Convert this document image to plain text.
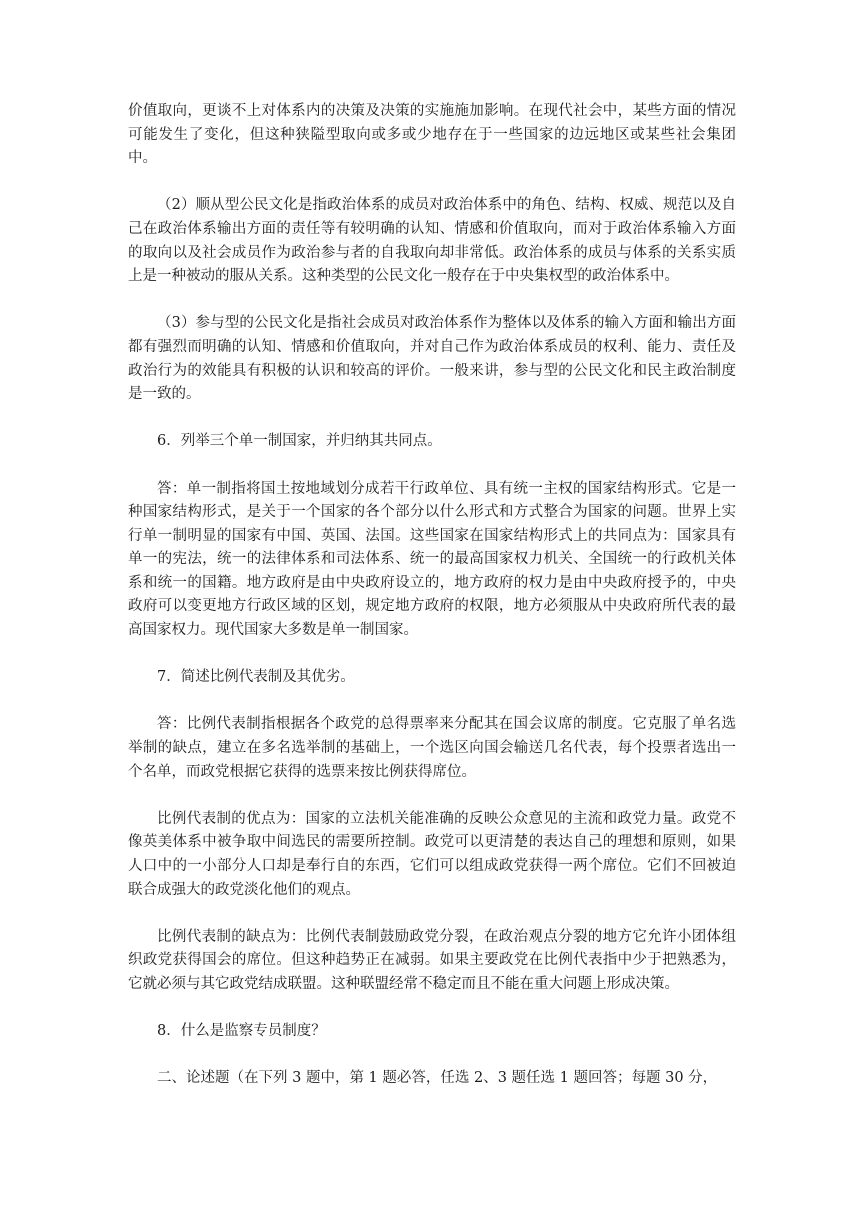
价值取向，更谈不上对体系内的决策及决策的实施施加影响。在现代社会中，某些方面的情况可能发生了变化，但这种狭隘型取向或多或少地存在于一些国家的边远地区或某些社会集团中。

（2）顺从型公民文化是指政治体系的成员对政治体系中的角色、结构、权威、规范以及自己在政治体系输出方面的责任等有较明确的认知、情感和价值取向，而对于政治体系输入方面的取向以及社会成员作为政治参与者的自我取向却非常低。政治体系的成员与体系的关系实质上是一种被动的服从关系。这种类型的公民文化一般存在于中央集权型的政治体系中。

（3）参与型的公民文化是指社会成员对政治体系作为整体以及体系的输入方面和输出方面都有强烈而明确的认知、情感和价值取向，并对自己作为政治体系成员的权利、能力、责任及政治行为的效能具有积极的认识和较高的评价。一般来讲，参与型的公民文化和民主政治制度是一致的。

6．列举三个单一制国家，并归纳其共同点。

答：单一制指将国土按地域划分成若干行政单位、具有统一主权的国家结构形式。它是一种国家结构形式，是关于一个国家的各个部分以什么形式和方式整合为国家的问题。世界上实行单一制明显的国家有中国、英国、法国。这些国家在国家结构形式上的共同点为：国家具有单一的宪法，统一的法律体系和司法体系、统一的最高国家权力机关、全国统一的行政机关体系和统一的国籍。地方政府是由中央政府设立的，地方政府的权力是由中央政府授予的，中央政府可以变更地方行政区域的区划，规定地方政府的权限，地方必须服从中央政府所代表的最高国家权力。现代国家大多数是单一制国家。

7．简述比例代表制及其优劣。

答：比例代表制指根据各个政党的总得票率来分配其在国会议席的制度。它克服了单名选举制的缺点，建立在多名选举制的基础上，一个选区向国会输送几名代表，每个投票者选出一个名单，而政党根据它获得的选票来按比例获得席位。

比例代表制的优点为：国家的立法机关能准确的反映公众意见的主流和政党力量。政党不像英美体系中被争取中间选民的需要所控制。政党可以更清楚的表达自己的理想和原则，如果人口中的一小部分人口却是奉行自的东西，它们可以组成政党获得一两个席位。它们不回被迫联合成强大的政党淡化他们的观点。

比例代表制的缺点为：比例代表制鼓励政党分裂，在政治观点分裂的地方它允许小团体组织政党获得国会的席位。但这种趋势正在减弱。如果主要政党在比例代表指中少于把熟悉为，它就必须与其它政党结成联盟。这种联盟经常不稳定而且不能在重大问题上形成决策。

8．什么是监察专员制度？

二、论述题（在下列 3 题中，第 1 题必答，任选 2、3 题任选 1 题回答；每题 30 分，
